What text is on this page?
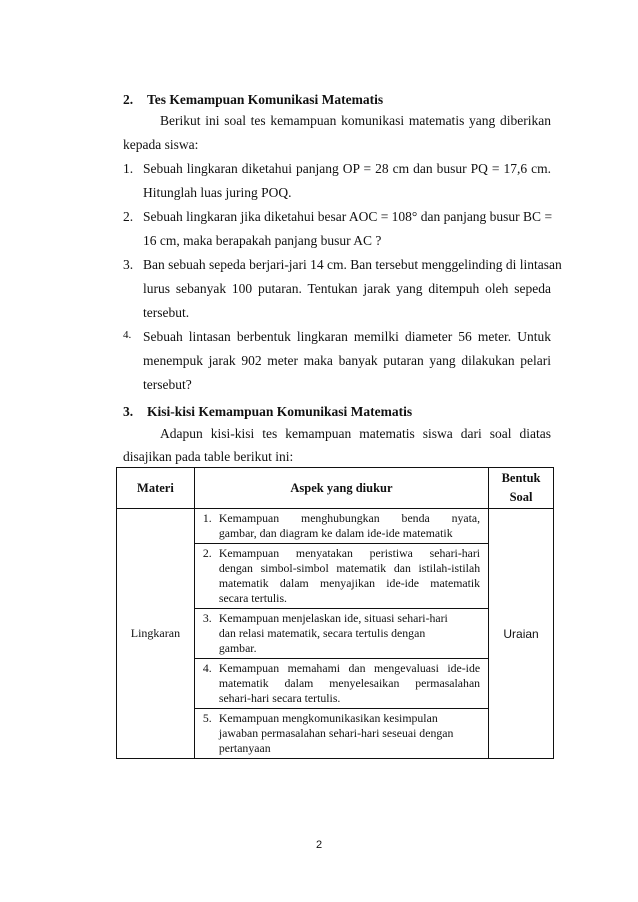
2. Tes Kemampuan Komunikasi Matematis
Berikut ini soal tes kemampuan komunikasi matematis yang diberikan
kepada siswa:
1. Sebuah lingkaran diketahui panjang OP = 28 cm dan busur PQ = 17,6 cm.
Hitunglah luas juring POQ.
2. Sebuah lingkaran jika diketahui besar AOC = 108° dan panjang busur BC =
16 cm, maka berapakah panjang busur AC ?
3. Ban sebuah sepeda berjari-jari 14 cm. Ban tersebut menggelinding di lintasan
lurus sebanyak 100 putaran. Tentukan jarak yang ditempuh oleh sepeda
tersebut.
4. Sebuah lintasan berbentuk lingkaran memilki diameter 56 meter. Untuk
menempuk jarak 902 meter maka banyak putaran yang dilakukan pelari
tersebut?
3. Kisi-kisi Kemampuan Komunikasi Matematis
Adapun kisi-kisi tes kemampuan matematis siswa dari soal diatas
disajikan pada table berikut ini:
Materi	Aspek yang diukur	Bentuk
Soal

Lingkaran	1. Kemampuan menghubungkan benda nyata,
gambar, dan diagram ke dalam ide-ide matematik	Uraian

	2. Kemampuan menyatakan peristiwa sehari-hari
dengan simbol-simbol matematik dan istilah-istilah
matematik dalam menyajikan ide-ide matematik
secara tertulis.	

	3. Kemampuan menjelaskan ide, situasi sehari-hari
dan relasi matematik, secara tertulis dengan
gambar.	

	4. Kemampuan memahami dan mengevaluasi ide-ide
matematik dalam menyelesaikan permasalahan
sehari-hari secara tertulis.	

	5. Kemampuan mengkomunikasikan kesimpulan
jawaban permasalahan sehari-hari seseuai dengan
pertanyaan	
2
